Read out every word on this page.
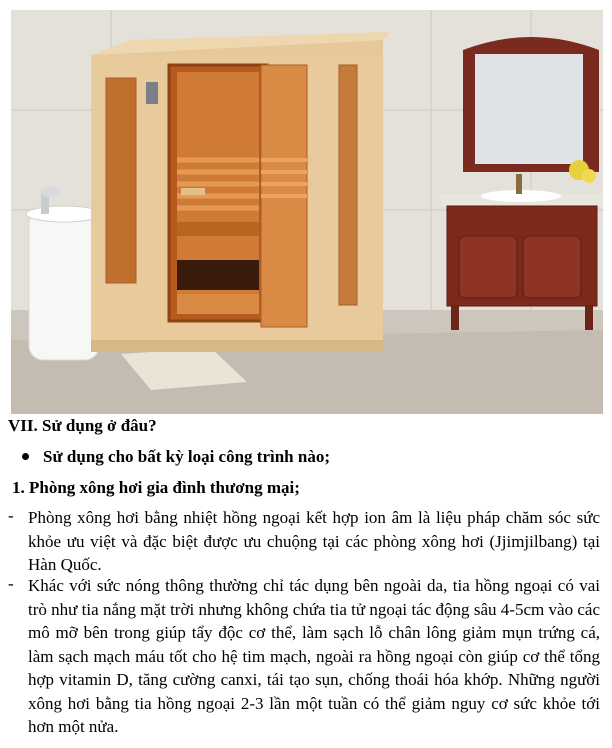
VII. Sử dụng ở đâu?
Sử dụng cho bất kỳ loại công trình nào;
1. Phòng xông hơi gia đình thương mại;
- Phòng xông hơi bằng nhiệt hồng ngoại kết hợp ion âm là liệu pháp chăm sóc sức khỏe ưu việt và đặc biệt được ưu chuộng tại các phòng xông hơi (Jjimjilbang) tại Hàn Quốc.
- Khác với sức nóng thông thường chỉ tác dụng bên ngoài da, tia hồng ngoại có vai trò như tia nắng mặt trời nhưng không chứa tia tử ngoại tác động sâu 4-5cm vào các mô mỡ bên trong giúp tẩy độc cơ thể, làm sạch lỗ chân lông giảm mụn trứng cá, làm sạch mạch máu tốt cho hệ tim mạch, ngoài ra hồng ngoại còn giúp cơ thể tổng hợp vitamin D, tăng cường canxi, tái tạo sụn, chống thoái hóa khớp. Những người xông hơi bằng tia hồng ngoại 2-3 lần một tuần có thể giảm nguy cơ sức khỏe tới hơn một nửa.
